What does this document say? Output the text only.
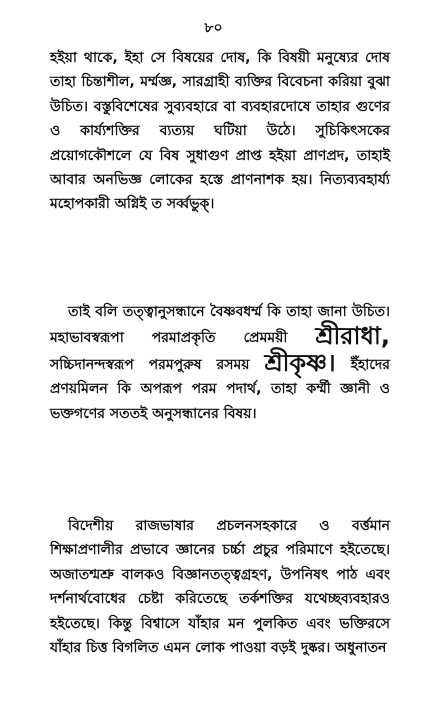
৮০
হইয়া থাকে, ইহা সে বিষয়ের দোষ, কি বিষয়ী মনুষ্যের দোষ তাহা চিন্তাশীল, মর্ম্মজ্ঞ, সারগ্রাহী ব্যক্তির বিবেচনা করিয়া বুঝা উচিত। বস্তুবিশেষের সুব্যবহারে বা ব্যবহারদোষে তাহার গুণের ও কার্য্যশক্তির ব্যত্যয় ঘটিয়া উঠে। সুচিকিৎসকের প্রয়োগকৌশলে যে বিষ সুধাগুণ প্রাপ্ত হইয়া প্রাণপ্রদ, তাহাই আবার অনভিজ্ঞ লোকের হস্তে প্রাণনাশক হয়। নিত্যব্যবহার্য্য মহোপকারী অগ্নিই ত সর্ব্বভুক্।
তাই বলি তত্ত্বানুসন্ধানে বৈষ্ণবধর্ম্ম কি তাহা জানা উচিত। মহাভাবস্বরূপা পরমাপ্রকৃতি প্রেমময়ী শ্রীরাধা, সচ্চিদানন্দস্বরূপ পরমপুরুষ রসময় শ্রীকৃষ্ণ। ইঁহাদের প্রণয়মিলন কি অপরূপ পরম পদার্থ, তাহা কর্ম্মী জ্ঞানী ও ভক্তগণের সততই অনুসন্ধানের বিষয়।
বিদেশীয় রাজভাষার প্রচলনসহকারে ও বর্ত্তমান শিক্ষাপ্রণালীর প্রভাবে জ্ঞানের চর্চ্চা প্রচুর পরিমাণে হইতেছে। অজাতশ্মশ্রু বালকও বিজ্ঞানতত্ত্বগ্রহণ, উপনিষৎ পাঠ এবং দর্শনার্থবোধের চেষ্টা করিতেছে তর্কশক্তির যথেচ্ছব্যবহারও হইতেছে। কিন্তু বিশ্বাসে যাঁহার মন পুলকিত এবং ভক্তিরসে যাঁহার চিত্ত বিগলিত এমন লোক পাওয়া বড়ই দুষ্কর। অধুনাতন
